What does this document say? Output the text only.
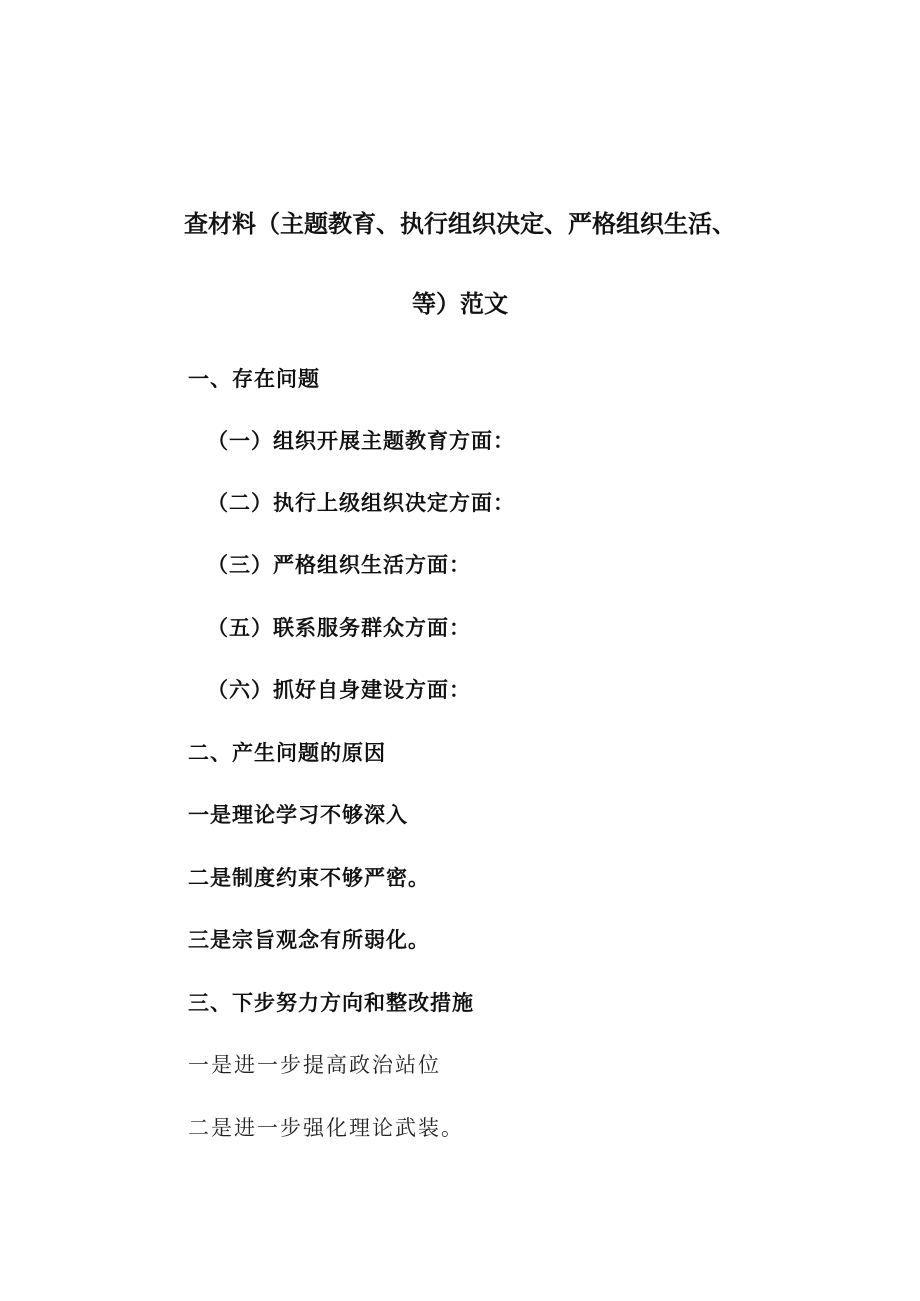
查材料（主题教育、执行组织决定、严格组织生活、
等）范文
一、存在问题
（一）组织开展主题教育方面：
（二）执行上级组织决定方面：
（三）严格组织生活方面：
（五）联系服务群众方面：
（六）抓好自身建设方面：
二、产生问题的原因
一是理论学习不够深入
二是制度约束不够严密。
三是宗旨观念有所弱化。
三、下步努力方向和整改措施
一是进一步提高政治站位
二是进一步强化理论武装。
